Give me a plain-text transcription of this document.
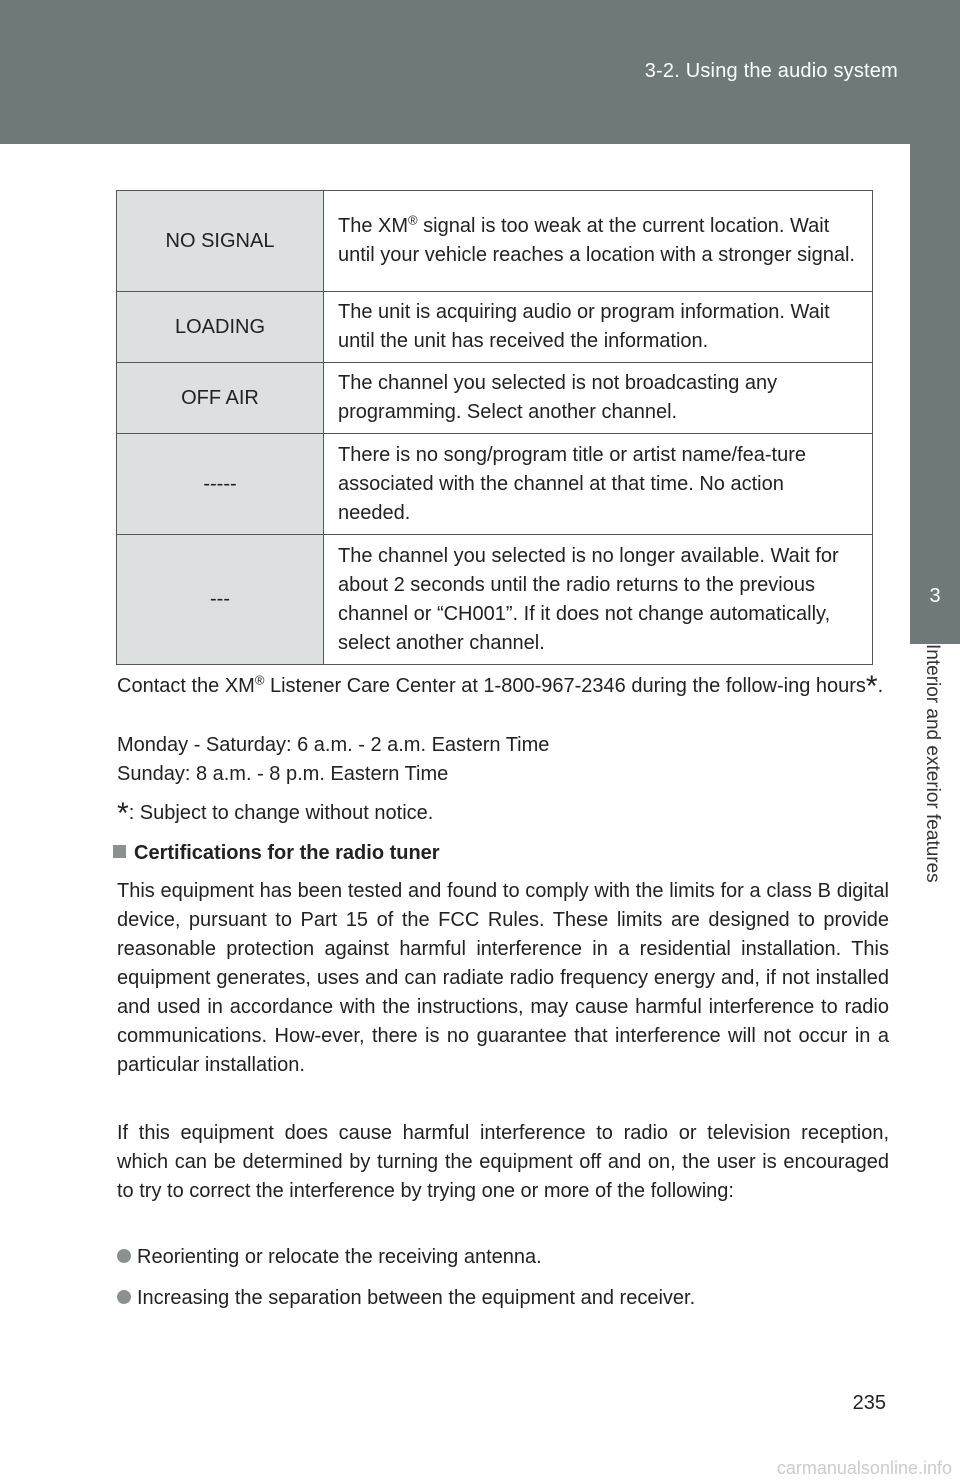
3-2. Using the audio system
3
Interior and exterior features
NO SIGNAL	The XM® signal is too weak at the current location. Wait until your vehicle reaches a location with a stronger signal.
LOADING	The unit is acquiring audio or program information. Wait until the unit has received the information.
OFF AIR	The channel you selected is not broadcasting any programming. Select another channel.
-----	There is no song/program title or artist name/fea-ture associated with the channel at that time. No action needed.
---	The channel you selected is no longer available. Wait for about 2 seconds until the radio returns to the previous channel or “CH001”. If it does not change automatically, select another channel.
Contact the XM® Listener Care Center at 1-800-967-2346 during the follow-ing hours*.
Monday - Saturday: 6 a.m. - 2 a.m. Eastern Time
Sunday: 8 a.m. - 8 p.m. Eastern Time
*: Subject to change without notice.
Certifications for the radio tuner
This equipment has been tested and found to comply with the limits for a class B digital device, pursuant to Part 15 of the FCC Rules. These limits are designed to provide reasonable protection against harmful interference in a residential installation. This equipment generates, uses and can radiate radio frequency energy and, if not installed and used in accordance with the instructions, may cause harmful interference to radio communications. How-ever, there is no guarantee that interference will not occur in a particular installation.
If this equipment does cause harmful interference to radio or television reception, which can be determined by turning the equipment off and on, the user is encouraged to try to correct the interference by trying one or more of the following:
Reorienting or relocate the receiving antenna.
Increasing the separation between the equipment and receiver.
235
carmanualsonline.info
